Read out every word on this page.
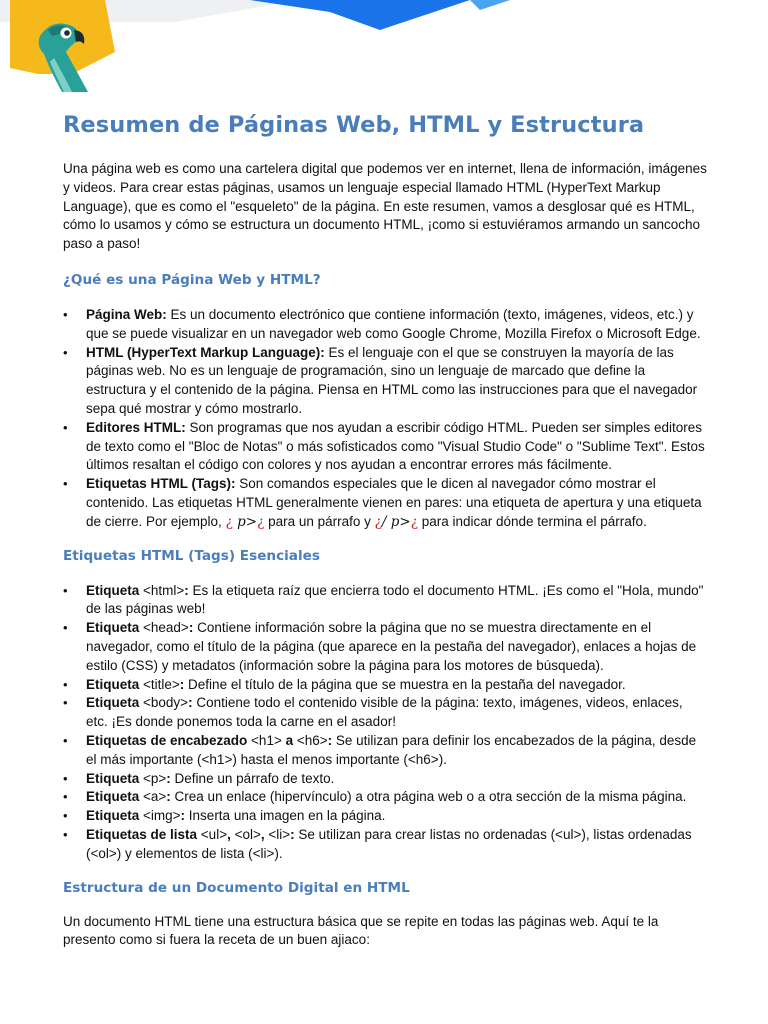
Resumen de Páginas Web, HTML y Estructura

Una página web es como una cartelera digital que podemos ver en internet, llena de información, imágenes y videos. Para crear estas páginas, usamos un lenguaje especial llamado HTML (HyperText Markup Language), que es como el "esqueleto" de la página. En este resumen, vamos a desglosar qué es HTML, cómo lo usamos y cómo se estructura un documento HTML, ¡como si estuviéramos armando un sancocho paso a paso!

¿Qué es una Página Web y HTML?
• Página Web: Es un documento electrónico que contiene información (texto, imágenes, videos, etc.) y que se puede visualizar en un navegador web como Google Chrome, Mozilla Firefox o Microsoft Edge.
• HTML (HyperText Markup Language): Es el lenguaje con el que se construyen la mayoría de las páginas web. No es un lenguaje de programación, sino un lenguaje de marcado que define la estructura y el contenido de la página. Piensa en HTML como las instrucciones para que el navegador sepa qué mostrar y cómo mostrarlo.
• Editores HTML: Son programas que nos ayudan a escribir código HTML. Pueden ser simples editores de texto como el "Bloc de Notas" o más sofisticados como "Visual Studio Code" o "Sublime Text". Estos últimos resaltan el código con colores y nos ayudan a encontrar errores más fácilmente.
• Etiquetas HTML (Tags): Son comandos especiales que le dicen al navegador cómo mostrar el contenido. Las etiquetas HTML generalmente vienen en pares: una etiqueta de apertura y una etiqueta de cierre. Por ejemplo, ¿ p>¿ para un párrafo y ¿/ p>¿ para indicar dónde termina el párrafo.
Etiquetas HTML (Tags) Esenciales
• Etiqueta <html>: Es la etiqueta raíz que encierra todo el documento HTML. ¡Es como el "Hola, mundo" de las páginas web!
• Etiqueta <head>: Contiene información sobre la página que no se muestra directamente en el navegador, como el título de la página (que aparece en la pestaña del navegador), enlaces a hojas de estilo (CSS) y metadatos (información sobre la página para los motores de búsqueda).
• Etiqueta <title>: Define el título de la página que se muestra en la pestaña del navegador.
• Etiqueta <body>: Contiene todo el contenido visible de la página: texto, imágenes, videos, enlaces, etc. ¡Es donde ponemos toda la carne en el asador!
• Etiquetas de encabezado <h1> a <h6>: Se utilizan para definir los encabezados de la página, desde el más importante (<h1>) hasta el menos importante (<h6>).
• Etiqueta <p>: Define un párrafo de texto.
• Etiqueta <a>: Crea un enlace (hipervínculo) a otra página web o a otra sección de la misma página.
• Etiqueta <img>: Inserta una imagen en la página.
• Etiquetas de lista <ul>, <ol>, <li>: Se utilizan para crear listas no ordenadas (<ul>), listas ordenadas (<ol>) y elementos de lista (<li>).
Estructura de un Documento Digital en HTML

Un documento HTML tiene una estructura básica que se repite en todas las páginas web. Aquí te la presento como si fuera la receta de un buen ajiaco:
